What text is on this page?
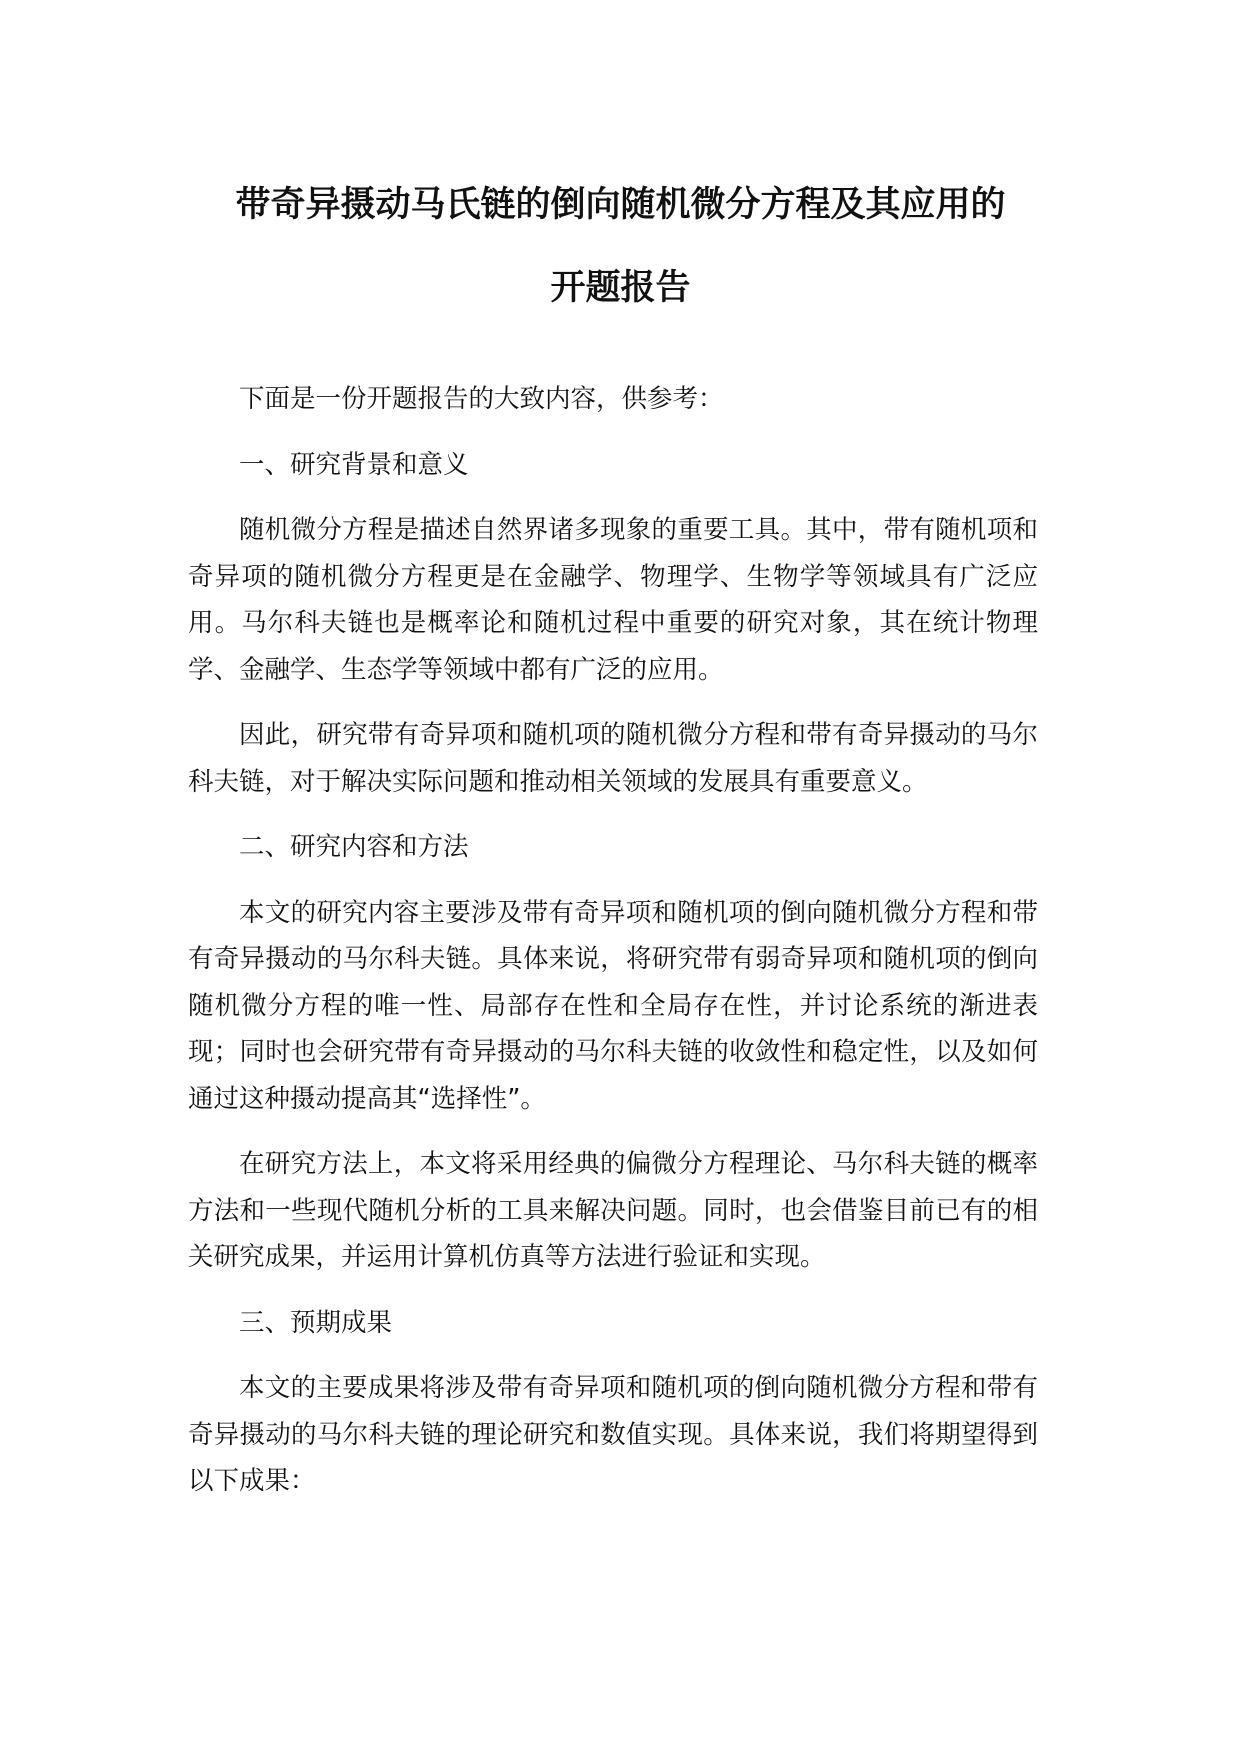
带奇异摄动马氏链的倒向随机微分方程及其应用的
开题报告

下面是一份开题报告的大致内容，供参考：

一、研究背景和意义

随机微分方程是描述自然界诸多现象的重要工具。其中，带有随机项和奇异项的随机微分方程更是在金融学、物理学、生物学等领域具有广泛应用。马尔科夫链也是概率论和随机过程中重要的研究对象，其在统计物理学、金融学、生态学等领域中都有广泛的应用。

因此，研究带有奇异项和随机项的随机微分方程和带有奇异摄动的马尔科夫链，对于解决实际问题和推动相关领域的发展具有重要意义。

二、研究内容和方法

本文的研究内容主要涉及带有奇异项和随机项的倒向随机微分方程和带有奇异摄动的马尔科夫链。具体来说，将研究带有弱奇异项和随机项的倒向随机微分方程的唯一性、局部存在性和全局存在性，并讨论系统的渐进表现；同时也会研究带有奇异摄动的马尔科夫链的收敛性和稳定性，以及如何通过这种摄动提高其“选择性”。

在研究方法上，本文将采用经典的偏微分方程理论、马尔科夫链的概率方法和一些现代随机分析的工具来解决问题。同时，也会借鉴目前已有的相关研究成果，并运用计算机仿真等方法进行验证和实现。

三、预期成果

本文的主要成果将涉及带有奇异项和随机项的倒向随机微分方程和带有奇异摄动的马尔科夫链的理论研究和数值实现。具体来说，我们将期望得到以下成果：
